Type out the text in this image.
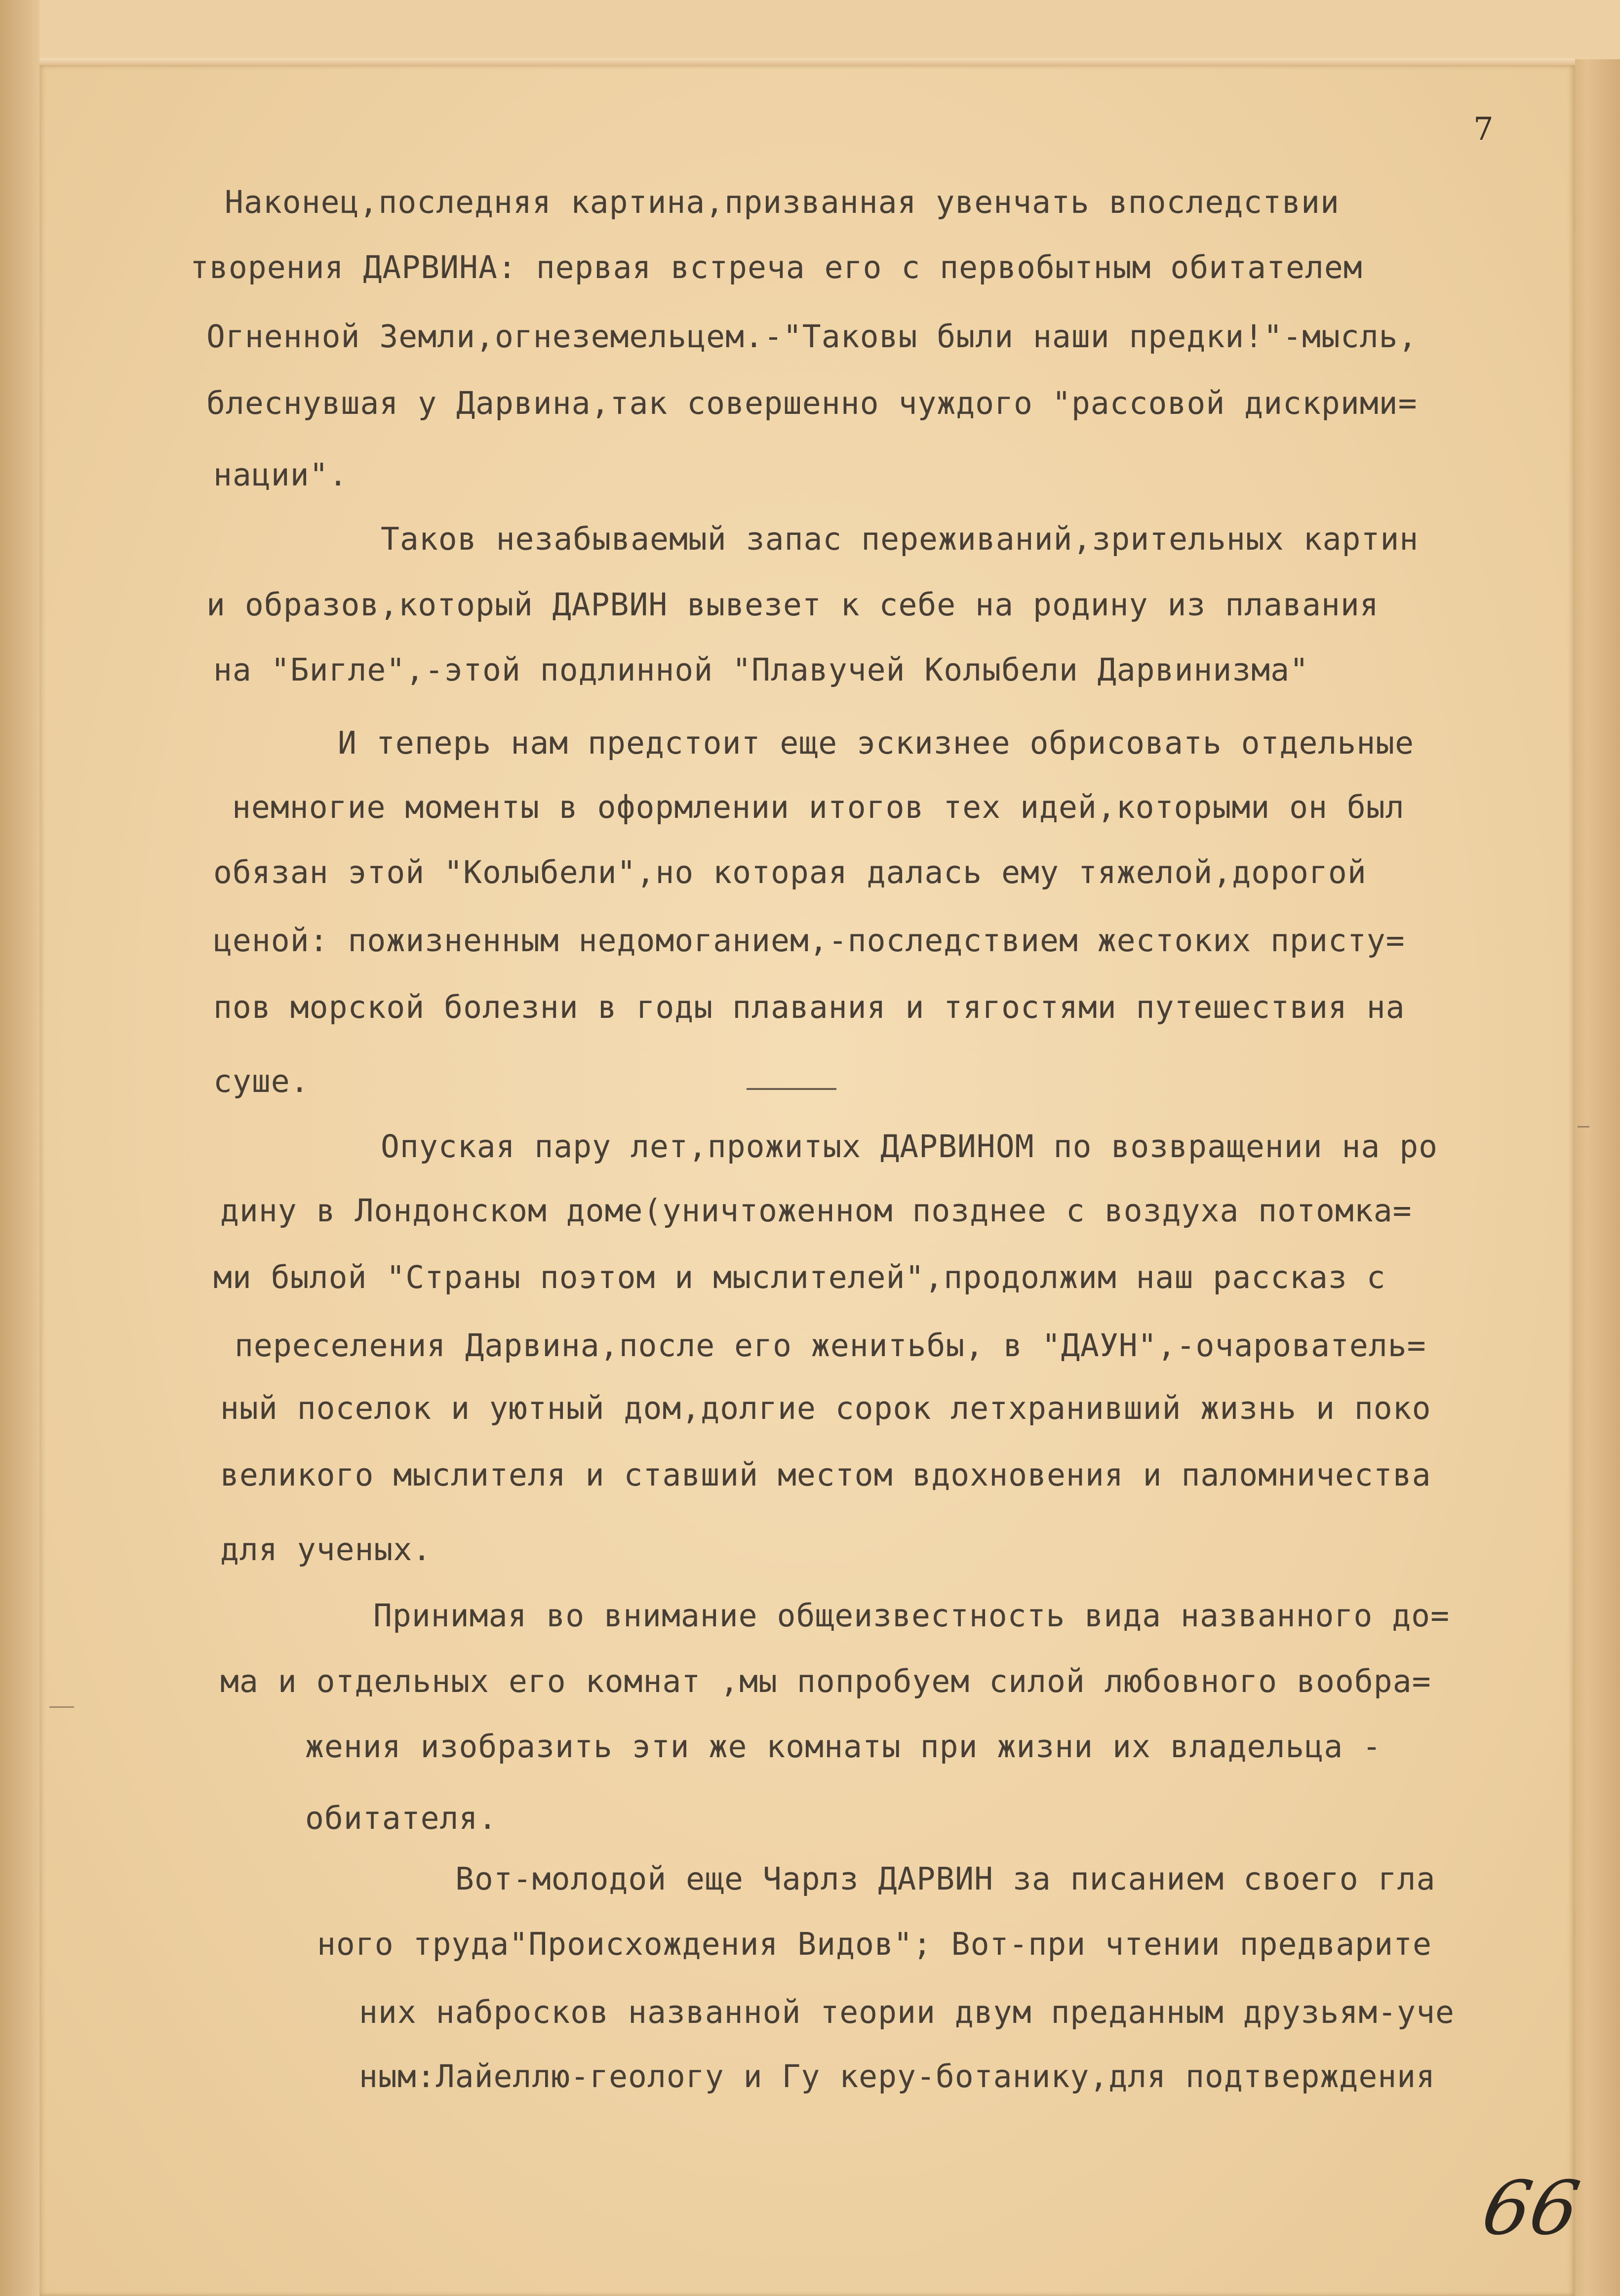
7

Наконец,последняя картина,призванная увенчать впоследствии

творения ДАРВИНА: первая встреча его с первобытным обитателем

Огненной Земли,огнеземельцем.-"Таковы были наши предки!"-мысль,

блеснувшая у Дарвина,так совершенно чуждого "рассовой дискрими=

нации".

Таков незабываемый запас переживаний,зрительных картин

и образов,который ДАРВИН вывезет к себе на родину из плавания

на "Бигле",-этой подлинной "Плавучей Колыбели Дарвинизма"

И теперь нам предстоит еще эскизнее обрисовать отдельные

немногие моменты в оформлении итогов тех идей,которыми он был

обязан этой "Колыбели",но которая далась ему тяжелой,дорогой

ценой: пожизненным недомоганием,-последствием жестоких присту=

пов морской болезни в годы плавания и тягостями путешествия на

суше.

Опуская пару лет,прожитых ДАРВИНОМ по возвращении на ро

дину в Лондонском доме(уничтоженном позднее с воздуха потомка=

ми былой "Страны поэтом и мыслителей",продолжим наш рассказ с

переселения Дарвина,после его женитьбы, в "ДАУН",-очарователь=

ный поселок и уютный дом,долгие сорок летхранивший жизнь и поко

великого мыслителя и ставший местом вдохновения и паломничества

для ученых.

Принимая во внимание общеизвестность вида названного до=

ма и отдельных его комнат ,мы попробуем силой любовного вообра=

жения изобразить эти же комнаты при жизни их владельца -

обитателя.

Вот-молодой еще Чарлз ДАРВИН за писанием своего гла

ного труда"Происхождения Видов"; Вот-при чтении предварите

них набросков названной теории двум преданным друзьям-уче

ным:Лайеллю-геологу и Гу керу-ботанику,для подтверждения

66
